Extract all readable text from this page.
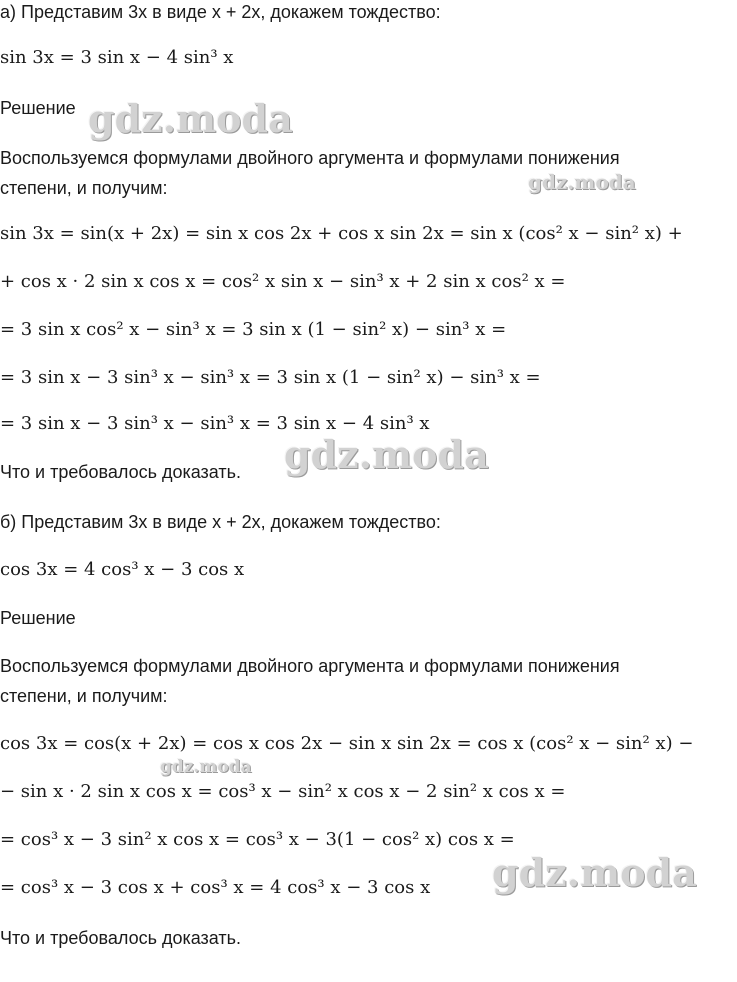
а) Представим 3x в виде x + 2x, докажем тождество:
sin 3x = 3 sin x − 4 sin³ x
Решение
Воспользуемся формулами двойного аргумента и формулами понижения
степени, и получим:
sin 3x = sin(x + 2x) = sin x cos 2x + cos x sin 2x = sin x (cos² x − sin² x) +
+ cos x · 2 sin x cos x = cos² x sin x − sin³ x + 2 sin x cos² x =
= 3 sin x cos² x − sin³ x = 3 sin x (1 − sin² x) − sin³ x =
= 3 sin x − 3 sin³ x − sin³ x = 3 sin x (1 − sin² x) − sin³ x =
= 3 sin x − 3 sin³ x − sin³ x = 3 sin x − 4 sin³ x
Что и требовалось доказать.
б) Представим 3x в виде x + 2x, докажем тождество:
cos 3x = 4 cos³ x − 3 cos x
Решение
Воспользуемся формулами двойного аргумента и формулами понижения
степени, и получим:
cos 3x = cos(x + 2x) = cos x cos 2x − sin x sin 2x = cos x (cos² x − sin² x) −
− sin x · 2 sin x cos x = cos³ x − sin² x cos x − 2 sin² x cos x =
= cos³ x − 3 sin² x cos x = cos³ x − 3(1 − cos² x) cos x =
= cos³ x − 3 cos x + cos³ x = 4 cos³ x − 3 cos x
Что и требовалось доказать.
gdz.moda
gdz.moda
gdz.moda
gdz.moda
gdz.moda
